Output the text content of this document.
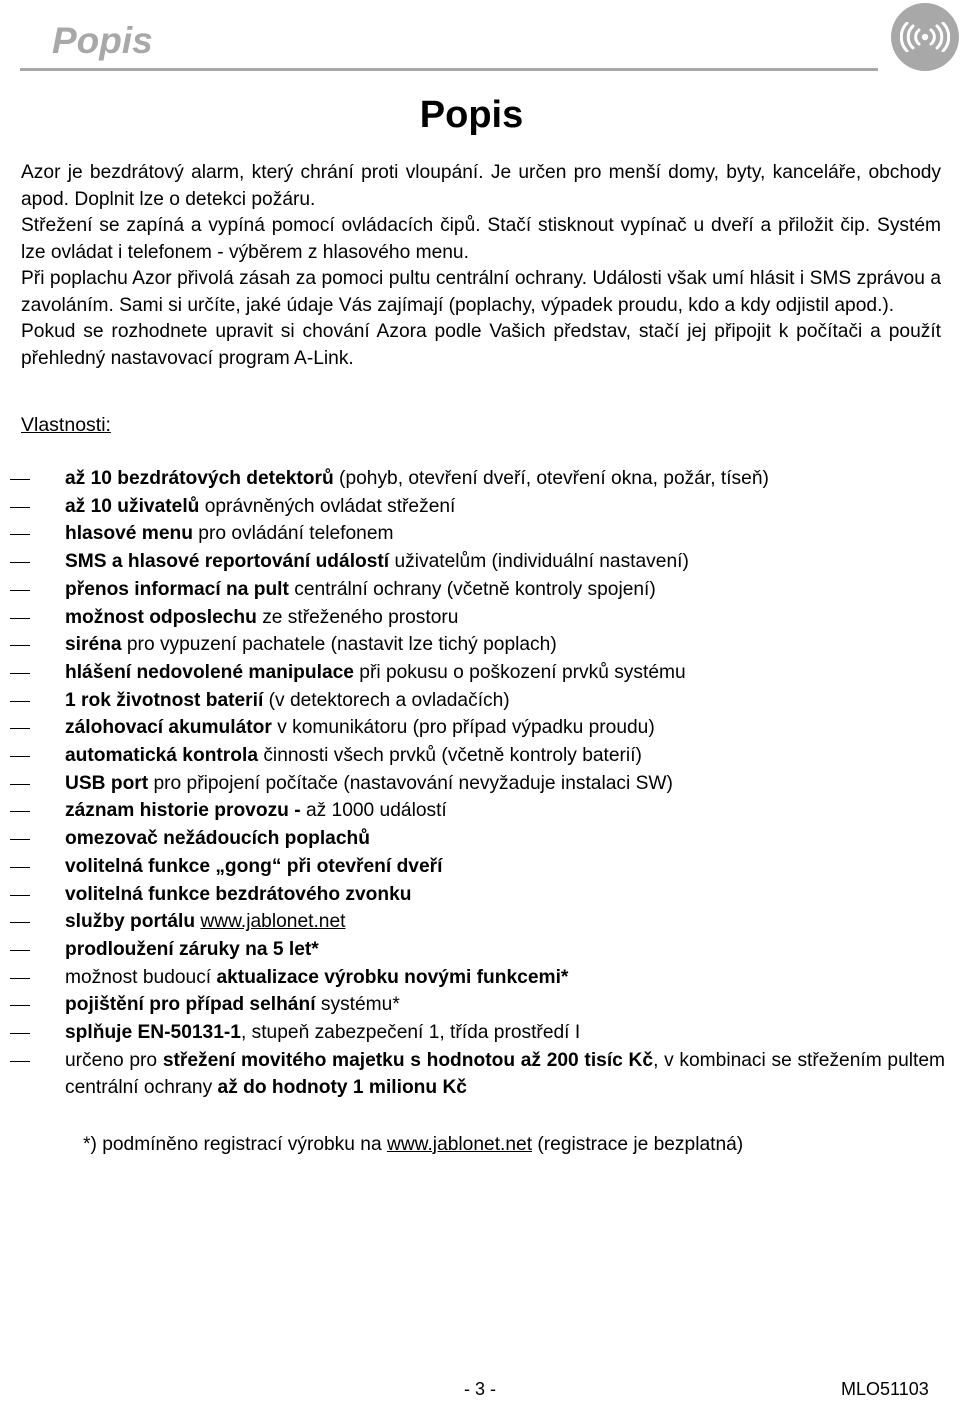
Popis
Popis

Azor je bezdrátový alarm, který chrání proti vloupání. Je určen pro menší domy, byty, kanceláře, obchody apod. Doplnit lze o detekci požáru.

Střežení se zapíná a vypíná pomocí ovládacích čipů. Stačí stisknout vypínač u dveří a přiložit čip. Systém lze ovládat i telefonem - výběrem z hlasového menu.

Při poplachu Azor přivolá zásah za pomoci pultu centrální ochrany. Události však umí hlásit i SMS zprávou a zavoláním. Sami si určíte, jaké údaje Vás zajímají (poplachy, výpadek proudu, kdo a kdy odjistil apod.).

Pokud se rozhodnete upravit si chování Azora podle Vašich představ, stačí jej připojit k počítači a použít přehledný nastavovací program A-Link.

Vlastnosti:
až 10 bezdrátových detektorů (pohyb, otevření dveří, otevření okna, požár, tíseň)
až 10 uživatelů oprávněných ovládat střežení
hlasové menu pro ovládání telefonem
SMS a hlasové reportování událostí uživatelům (individuální nastavení)
přenos informací na pult centrální ochrany (včetně kontroly spojení)
možnost odposlechu ze střeženého prostoru
siréna pro vypuzení pachatele (nastavit lze tichý poplach)
hlášení nedovolené manipulace při pokusu o poškození prvků systému
1 rok životnost baterií (v detektorech a ovladačích)
zálohovací akumulátor v komunikátoru (pro případ výpadku proudu)
automatická kontrola činnosti všech prvků (včetně kontroly baterií)
USB port pro připojení počítače (nastavování nevyžaduje instalaci SW)
záznam historie provozu - až 1000 událostí
omezovač nežádoucích poplachů
volitelná funkce „gong“ při otevření dveří
volitelná funkce bezdrátového zvonku
služby portálu www.jablonet.net
prodloužení záruky na 5 let*
možnost budoucí aktualizace výrobku novými funkcemi*
pojištění pro případ selhání systému*
splňuje EN-50131-1, stupeň zabezpečení 1, třída prostředí I
určeno pro střežení movitého majetku s hodnotou až 200 tisíc Kč, v kombinaci se střežením pultem centrální ochrany až do hodnoty 1 milionu Kč
*) podmíněno registrací výrobku na www.jablonet.net (registrace je bezplatná)
- 3 -	MLO51103
